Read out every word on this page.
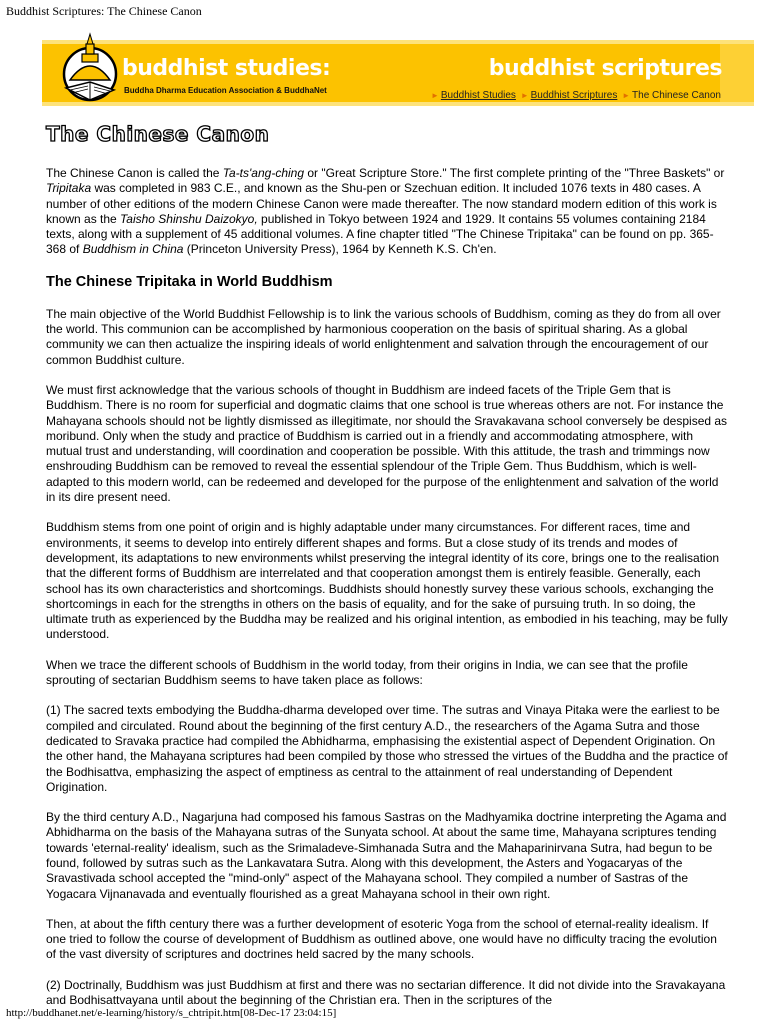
Buddhist Scriptures: The Chinese Canon
buddhist studies:
Buddha Dharma Education Association & BuddhaNet
buddhist scriptures
► Buddhist Studies ► Buddhist Scriptures ► The Chinese Canon
The Chinese Canon

The Chinese Canon is called the Ta-ts'ang-ching or "Great Scripture Store." The first complete printing of the "Three Baskets" or Tripitaka was completed in 983 C.E., and known as the Shu-pen or Szechuan edition. It included 1076 texts in 480 cases. A number of other editions of the modern Chinese Canon were made thereafter. The now standard modern edition of this work is known as the Taisho Shinshu Daizokyo, published in Tokyo between 1924 and 1929. It contains 55 volumes containing 2184 texts, along with a supplement of 45 additional volumes. A fine chapter titled "The Chinese Tripitaka" can be found on pp. 365-368 of Buddhism in China (Princeton University Press), 1964 by Kenneth K.S. Ch'en.

The Chinese Tripitaka in World Buddhism

The main objective of the World Buddhist Fellowship is to link the various schools of Buddhism, coming as they do from all over the world. This communion can be accomplished by harmonious cooperation on the basis of spiritual sharing. As a global community we can then actualize the inspiring ideals of world enlightenment and salvation through the encouragement of our common Buddhist culture.

We must first acknowledge that the various schools of thought in Buddhism are indeed facets of the Triple Gem that is Buddhism. There is no room for superficial and dogmatic claims that one school is true whereas others are not. For instance the Mahayana schools should not be lightly dismissed as illegitimate, nor should the Sravakavana school conversely be despised as moribund. Only when the study and practice of Buddhism is carried out in a friendly and accommodating atmosphere, with mutual trust and understanding, will coordination and cooperation be possible. With this attitude, the trash and trimmings now enshrouding Buddhism can be removed to reveal the essential splendour of the Triple Gem. Thus Buddhism, which is well-adapted to this modern world, can be redeemed and developed for the purpose of the enlightenment and salvation of the world in its dire present need.

Buddhism stems from one point of origin and is highly adaptable under many circumstances. For different races, time and environments, it seems to develop into entirely different shapes and forms. But a close study of its trends and modes of development, its adaptations to new environments whilst preserving the integral identity of its core, brings one to the realisation that the different forms of Buddhism are interrelated and that cooperation amongst them is entirely feasible. Generally, each school has its own characteristics and shortcomings. Buddhists should honestly survey these various schools, exchanging the shortcomings in each for the strengths in others on the basis of equality, and for the sake of pursuing truth. In so doing, the ultimate truth as experienced by the Buddha may be realized and his original intention, as embodied in his teaching, may be fully understood.

When we trace the different schools of Buddhism in the world today, from their origins in India, we can see that the profile sprouting of sectarian Buddhism seems to have taken place as follows:

(1) The sacred texts embodying the Buddha-dharma developed over time. The sutras and Vinaya Pitaka were the earliest to be compiled and circulated. Round about the beginning of the first century A.D., the researchers of the Agama Sutra and those dedicated to Sravaka practice had compiled the Abhidharma, emphasising the existential aspect of Dependent Origination. On the other hand, the Mahayana scriptures had been compiled by those who stressed the virtues of the Buddha and the practice of the Bodhisattva, emphasizing the aspect of emptiness as central to the attainment of real understanding of Dependent Origination.

By the third century A.D., Nagarjuna had composed his famous Sastras on the Madhyamika doctrine interpreting the Agama and Abhidharma on the basis of the Mahayana sutras of the Sunyata school. At about the same time, Mahayana scriptures tending towards 'eternal-reality' idealism, such as the Srimaladeve-Simhanada Sutra and the Mahaparinirvana Sutra, had begun to be found, followed by sutras such as the Lankavatara Sutra. Along with this development, the Asters and Yogacaryas of the Sravastivada school accepted the "mind-only" aspect of the Mahayana school. They compiled a number of Sastras of the Yogacara Vijnanavada and eventually flourished as a great Mahayana school in their own right.

Then, at about the fifth century there was a further development of esoteric Yoga from the school of eternal-reality idealism. If one tried to follow the course of development of Buddhism as outlined above, one would have no difficulty tracing the evolution of the vast diversity of scriptures and doctrines held sacred by the many schools.

(2) Doctrinally, Buddhism was just Buddhism at first and there was no sectarian difference. It did not divide into the Sravakayana and Bodhisattvayana until about the beginning of the Christian era. Then in the scriptures of the

http://buddhanet.net/e-learning/history/s_chtripit.htm[08-Dec-17 23:04:15]
